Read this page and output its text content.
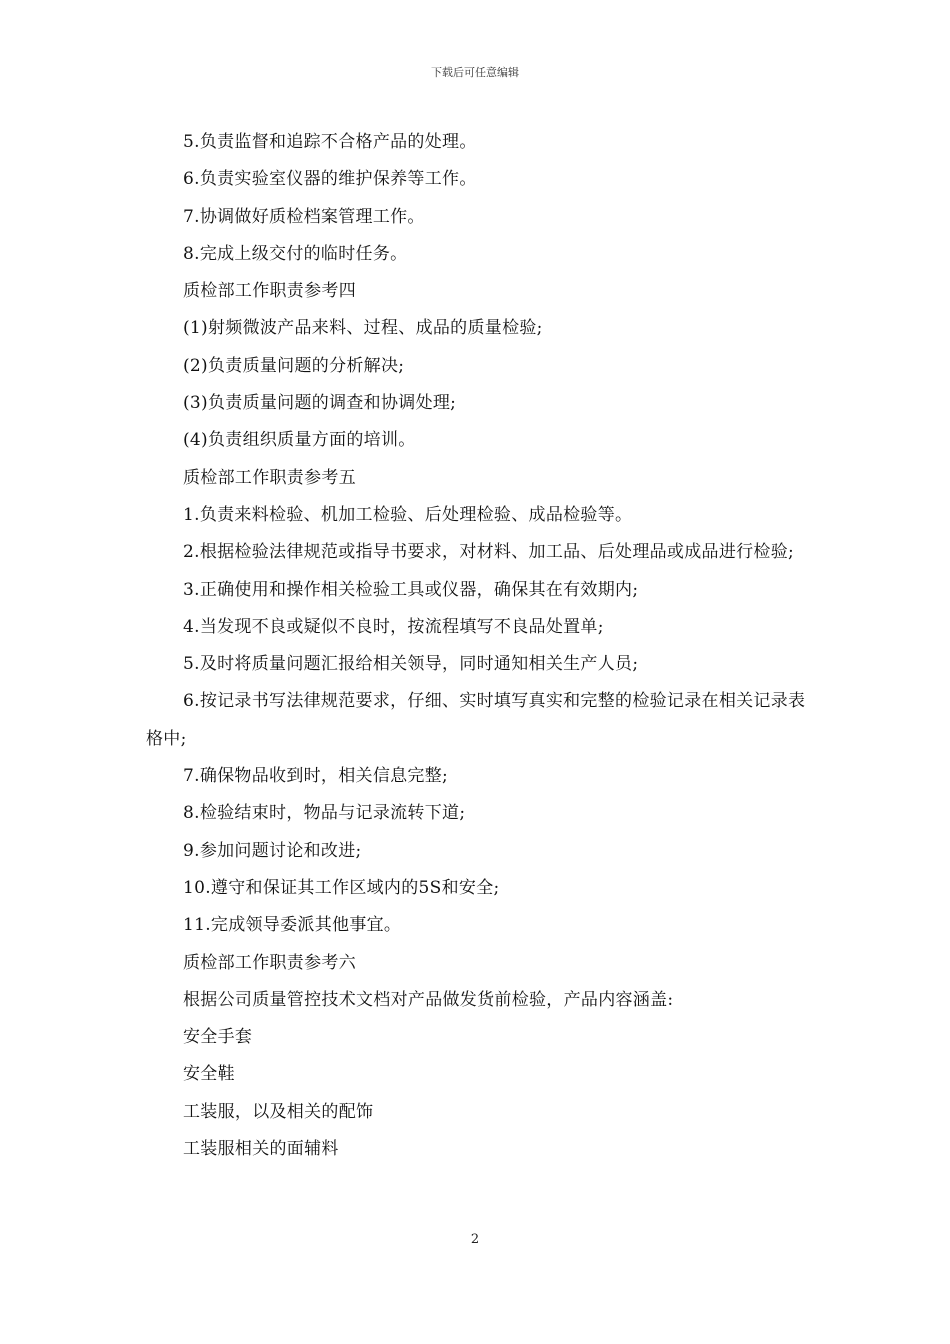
下载后可任意编辑

5.负责监督和追踪不合格产品的处理。

6.负责实验室仪器的维护保养等工作。

7.协调做好质检档案管理工作。

8.完成上级交付的临时任务。

质检部工作职责参考四

(1)射频微波产品来料、过程、成品的质量检验;

(2)负责质量问题的分析解决;

(3)负责质量问题的调查和协调处理;

(4)负责组织质量方面的培训。

质检部工作职责参考五

1.负责来料检验、机加工检验、后处理检验、成品检验等。

2.根据检验法律规范或指导书要求，对材料、加工品、后处理品或成品进行检验;

3.正确使用和操作相关检验工具或仪器，确保其在有效期内;

4.当发现不良或疑似不良时，按流程填写不良品处置单;

5.及时将质量问题汇报给相关领导，同时通知相关生产人员;

6.按记录书写法律规范要求，仔细、实时填写真实和完整的检验记录在相关记录表格中;

7.确保物品收到时，相关信息完整;

8.检验结束时，物品与记录流转下道;

9.参加问题讨论和改进;

10.遵守和保证其工作区域内的5S和安全;

11.完成领导委派其他事宜。

质检部工作职责参考六

根据公司质量管控技术文档对产品做发货前检验，产品内容涵盖:

安全手套

安全鞋

工装服，以及相关的配饰

工装服相关的面辅料

2
